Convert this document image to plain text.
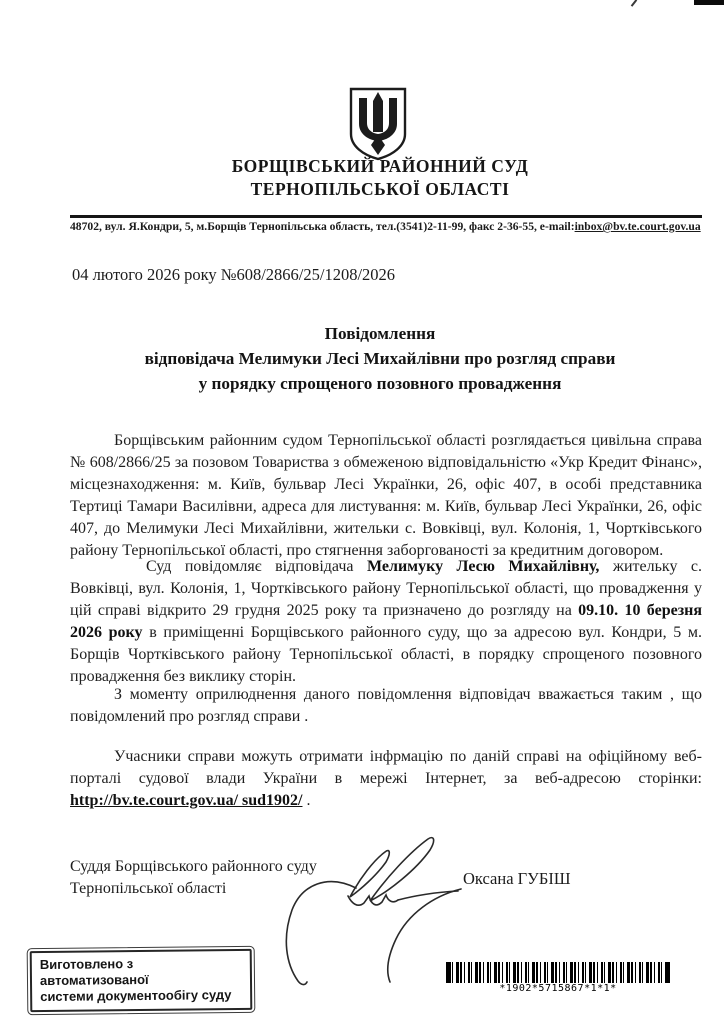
БОРЩІВСЬКИЙ РАЙОННИЙ СУД
ТЕРНОПІЛЬСЬКОЇ ОБЛАСТІ
48702, вул. Я.Кондри, 5, м.Борщів Тернопільська область, тел.(3541)2-11-99, факс 2-36-55, e-mail:inbox@bv.te.court.gov.ua
04 лютого 2026 року №608/2866/25/1208/2026
Повідомлення
відповідача Мелимуки Лесі Михайлівни про розгляд справи
у порядку спрощеного позовного провадження
Борщівським районним судом Тернопільської області розглядається цивільна справа № 608/2866/25 за позовом Товариства з обмеженою відповідальністю «Укр Кредит Фінанс», місцезнаходження: м. Київ, бульвар Лесі Українки, 26, офіс 407, в особі представника Тертиці Тамари Василівни, адреса для листування: м. Київ, бульвар Лесі Українки, 26, офіс 407, до Мелимуки Лесі Михайлівни, жительки с. Вовківці, вул. Колонія, 1, Чортківського району Тернопільської області, про стягнення заборгованості за кредитним договором.
Суд повідомляє відповідача Мелимуку Лесю Михайлівну, жительку с. Вовківці, вул. Колонія, 1, Чортківського району Тернопільської області, що провадження у цій справі відкрито 29 грудня 2025 року та призначено до розгляду на 09.10. 10 березня 2026 року в приміщенні Борщівського районного суду, що за адресою вул. Кондри, 5 м. Борщів Чортківського району Тернопільської області, в порядку спрощеного позовного провадження без виклику сторін.
З моменту оприлюднення даного повідомлення відповідач вважається таким , що повідомлений про розгляд справи .
Учасники справи можуть отримати інфрмацію по даній справі на офіційному веб-порталі судової влади України в мережі Інтернет, за веб-адресою сторінки: http://bv.te.court.gov.ua/ sud1902/ .
Суддя Борщівського районного суду
Тернопільської області
Оксана ГУБІШ
Виготовлено з автоматизованої
системи документообігу суду	*1902*5715867*1*1*
